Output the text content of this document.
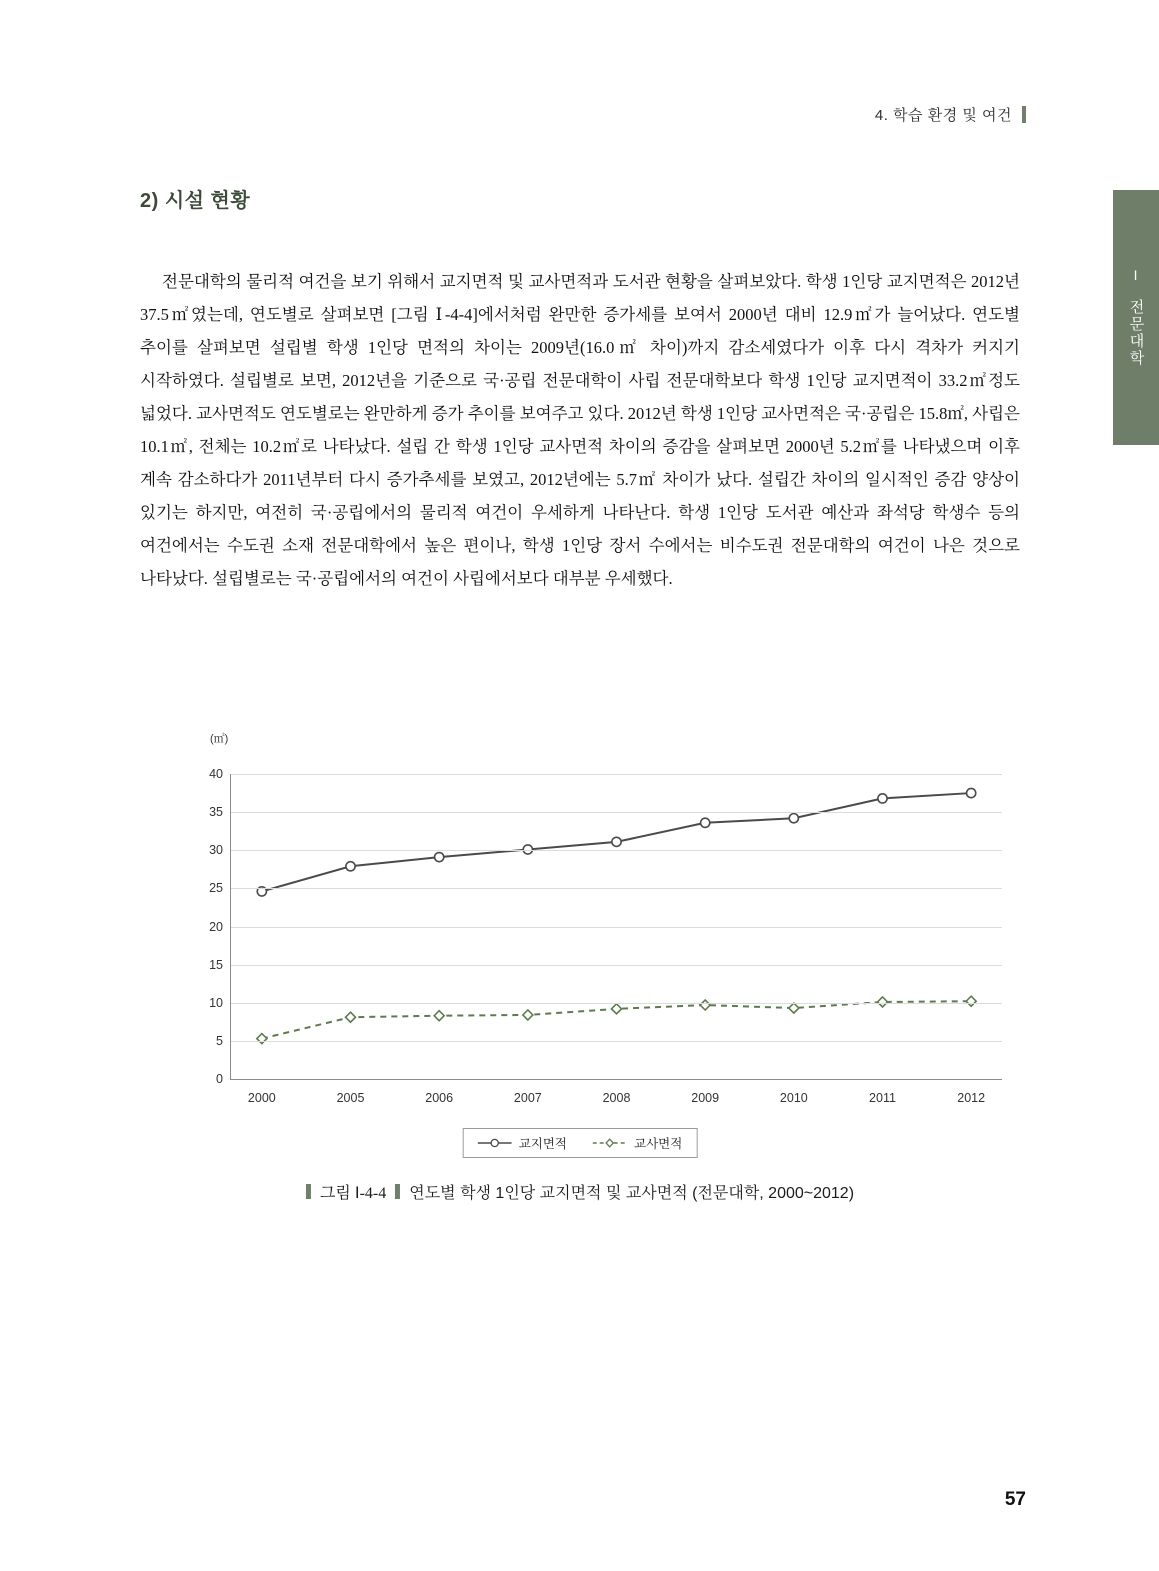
4. 학습 환경 및 여건
Ⅰ
전문대학
2) 시설 현황

전문대학의 물리적 여건을 보기 위해서 교지면적 및 교사면적과 도서관 현황을 살펴보았다. 학생 1인당 교지면적은 2012년 37.5㎡였는데, 연도별로 살펴보면 [그림 Ⅰ-4-4]에서처럼 완만한 증가세를 보여서 2000년 대비 12.9㎡가 늘어났다. 연도별 추이를 살펴보면 설립별 학생 1인당 면적의 차이는 2009년(16.0㎡ 차이)까지 감소세였다가 이후 다시 격차가 커지기 시작하였다. 설립별로 보면, 2012년을 기준으로 국·공립 전문대학이 사립 전문대학보다 학생 1인당 교지면적이 33.2㎡정도 넓었다. 교사면적도 연도별로는 완만하게 증가 추이를 보여주고 있다. 2012년 학생 1인당 교사면적은 국·공립은 15.8㎡, 사립은 10.1㎡, 전체는 10.2㎡로 나타났다. 설립 간 학생 1인당 교사면적 차이의 증감을 살펴보면 2000년 5.2㎡를 나타냈으며 이후 계속 감소하다가 2011년부터 다시 증가추세를 보였고, 2012년에는 5.7㎡ 차이가 났다. 설립간 차이의 일시적인 증감 양상이 있기는 하지만, 여전히 국·공립에서의 물리적 여건이 우세하게 나타난다. 학생 1인당 도서관 예산과 좌석당 학생수 등의 여건에서는 수도권 소재 전문대학에서 높은 편이나, 학생 1인당 장서 수에서는 비수도권 전문대학의 여건이 나은 것으로 나타났다. 설립별로는 국·공립에서의 여건이 사립에서보다 대부분 우세했다.

(㎡)
0
5
10
15
20
25
30
35
40
2000	2005	2006	2007	2008	2009	2010	2011	2012
교지면적	교사면적
그림 Ⅰ-4-4 연도별 학생 1인당 교지면적 및 교사면적 (전문대학, 2000~2012)
57
